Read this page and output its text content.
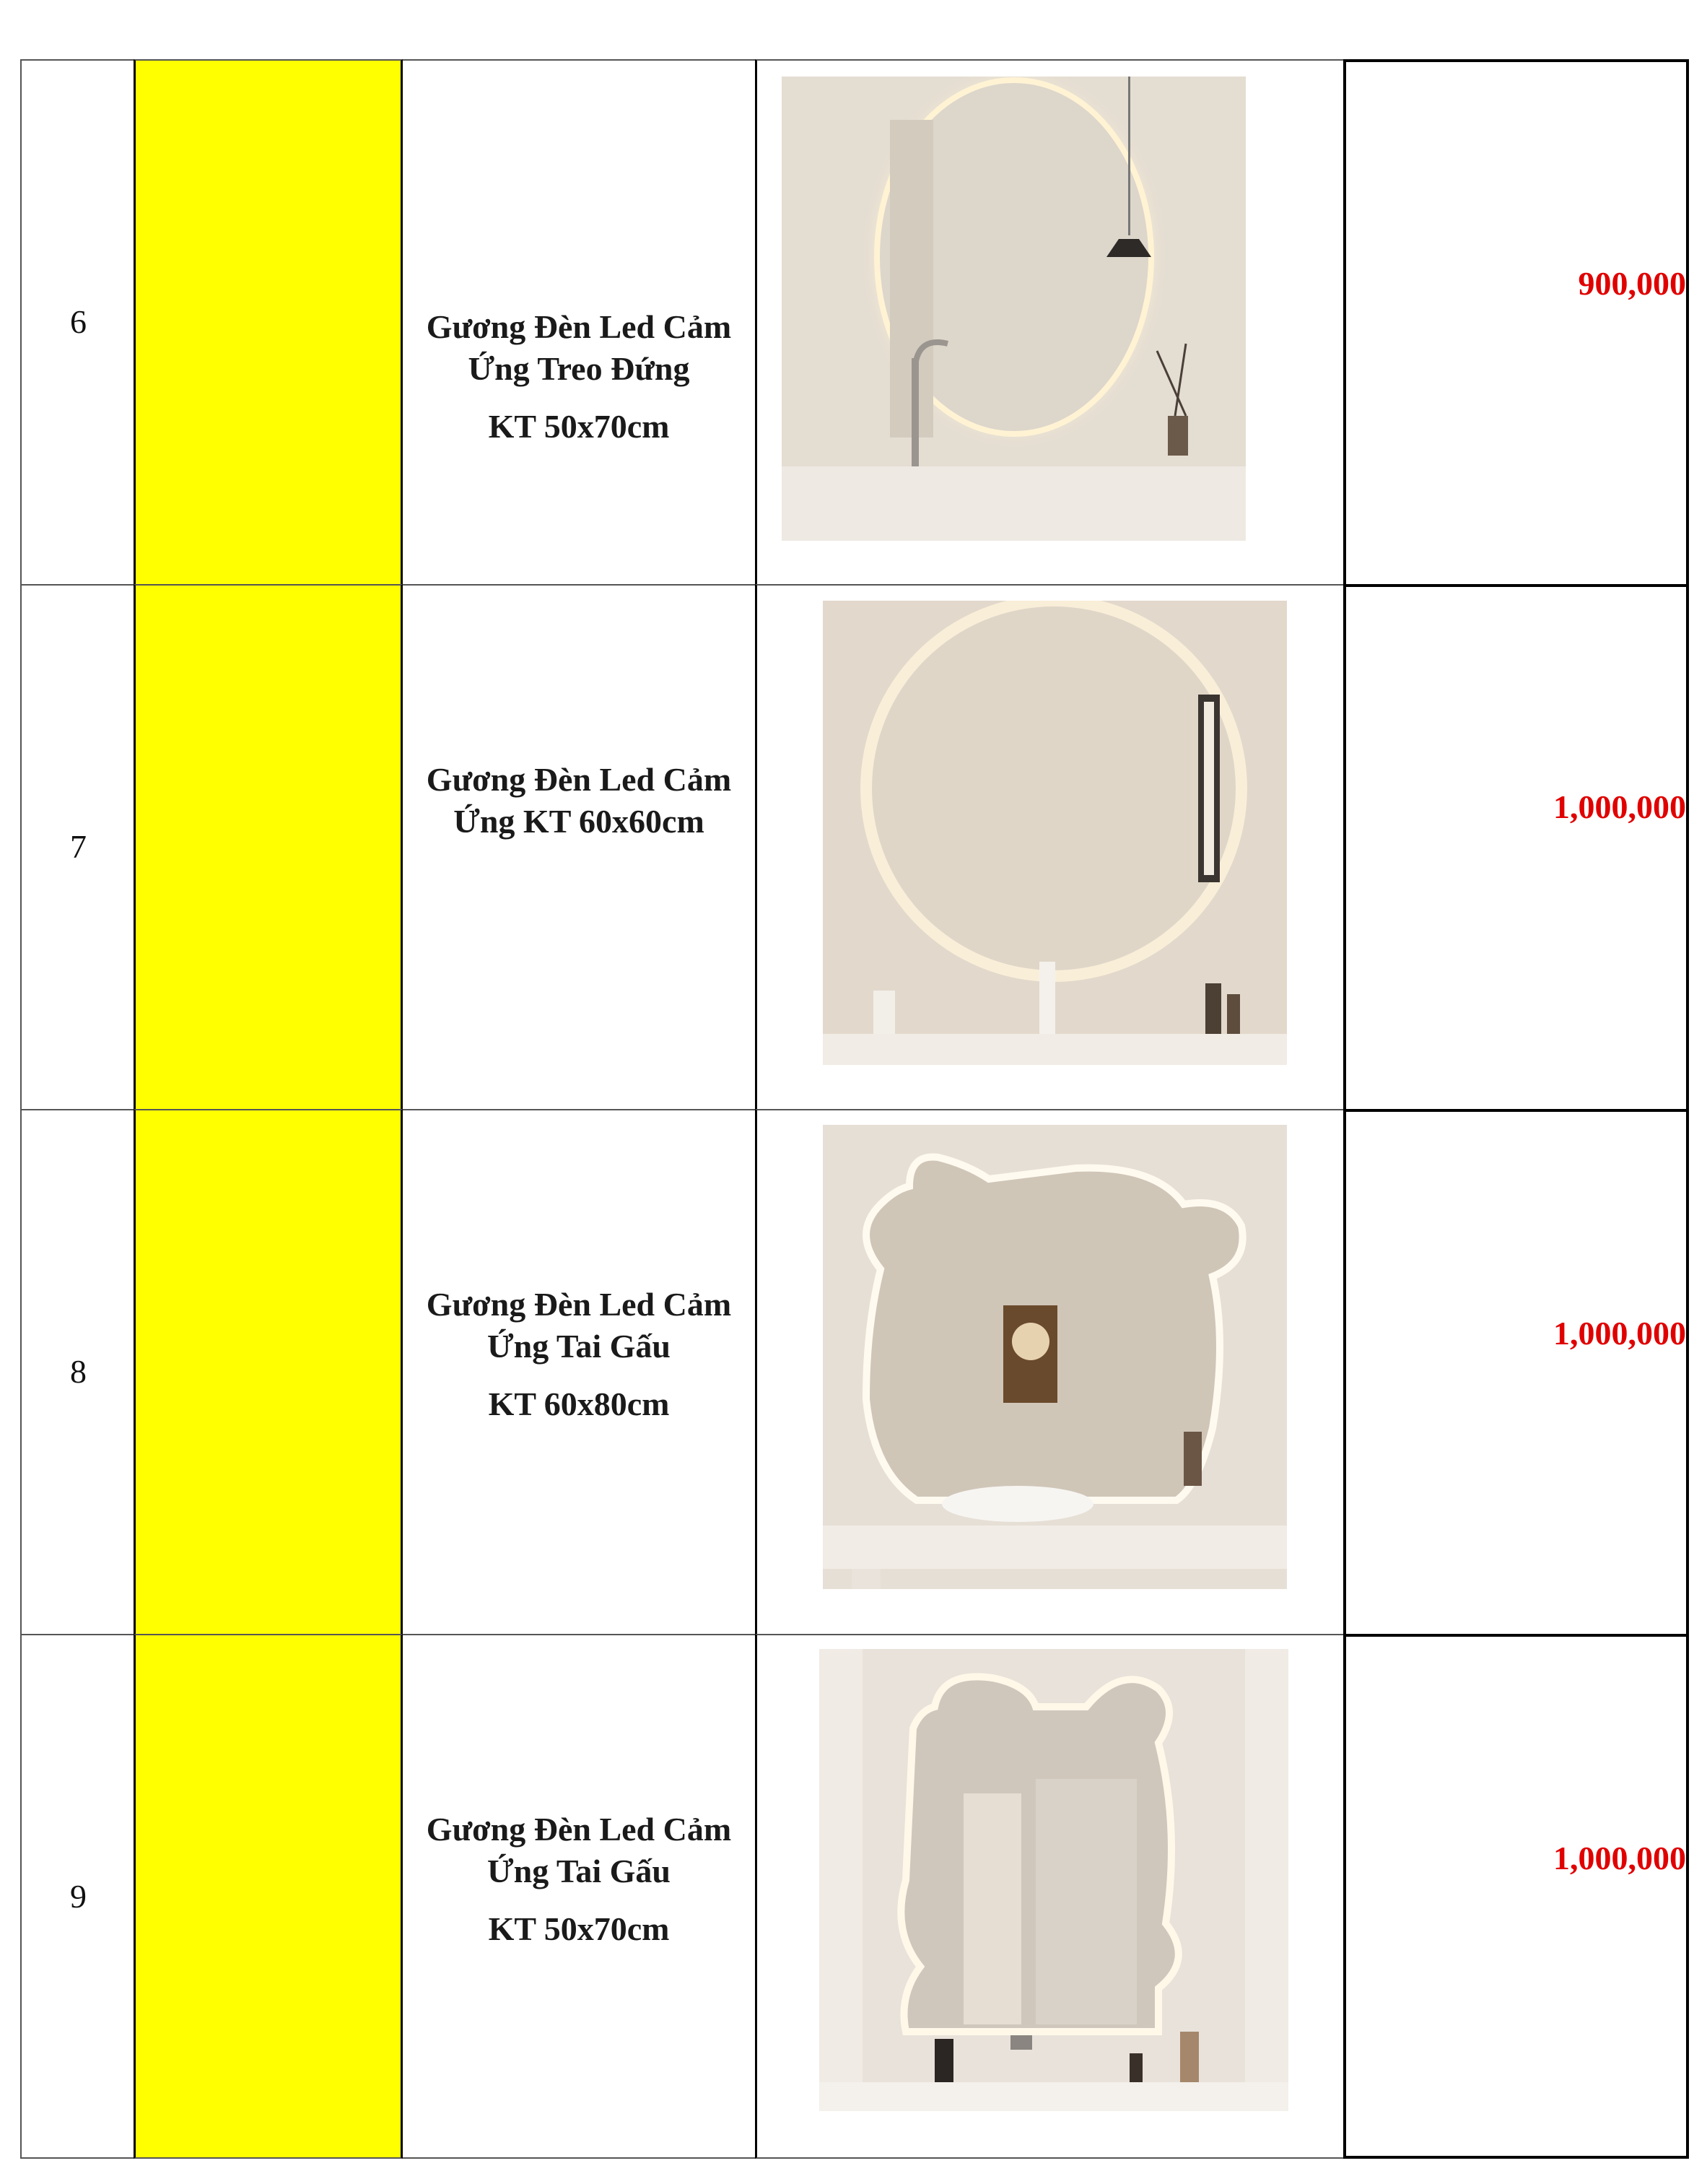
6	Gương Đèn Led Cảm
Ứng Treo Đứng
KT 50x70cm
900,000
7
Gương Đèn Led Cảm
Ứng KT 60x60cm	1,000,000
8
Gương Đèn Led Cảm
Ứng Tai Gấu
KT 60x80cm
1,000,000
9
Gương Đèn Led Cảm
Ứng Tai Gấu
KT 50x70cm
1,000,000
